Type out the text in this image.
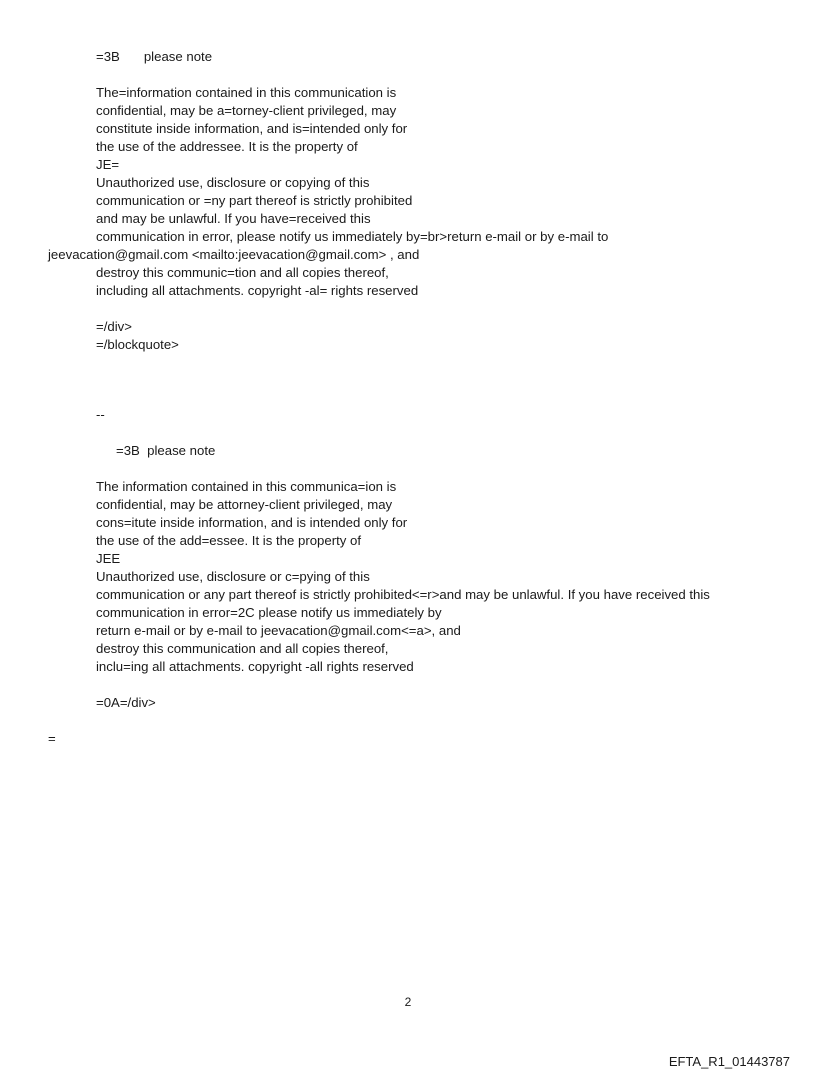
=3B please note
The=information contained in this communication is
confidential, may be a=torney-client privileged, may
constitute inside information, and is=intended only for
the use of the addressee. It is the property of
JE=
Unauthorized use, disclosure or copying of this
communication or =ny part thereof is strictly prohibited
and may be unlawful. If you have=received this
communication in error, please notify us immediately by=br>return e-mail or by e-mail to
jeevacation@gmail.com <mailto:jeevacation@gmail.com> , and
destroy this communic=tion and all copies thereof,
including all attachments. copyright -al= rights reserved
=/div>
=/blockquote>
--
=3B  please note
The information contained in this communica=ion is
confidential, may be attorney-client privileged, may
cons=itute inside information, and is intended only for
the use of the add=essee. It is the property of
JEE
Unauthorized use, disclosure or c=pying of this
communication or any part thereof is strictly prohibited<=r>and may be unlawful. If you have received this
communication in error=2C please notify us immediately by
return e-mail or by e-mail to jeevacation@gmail.com<=a>, and
destroy this communication and all copies thereof,
inclu=ing all attachments. copyright -all rights reserved
=0A=/div>
=
2
EFTA_R1_01443787
